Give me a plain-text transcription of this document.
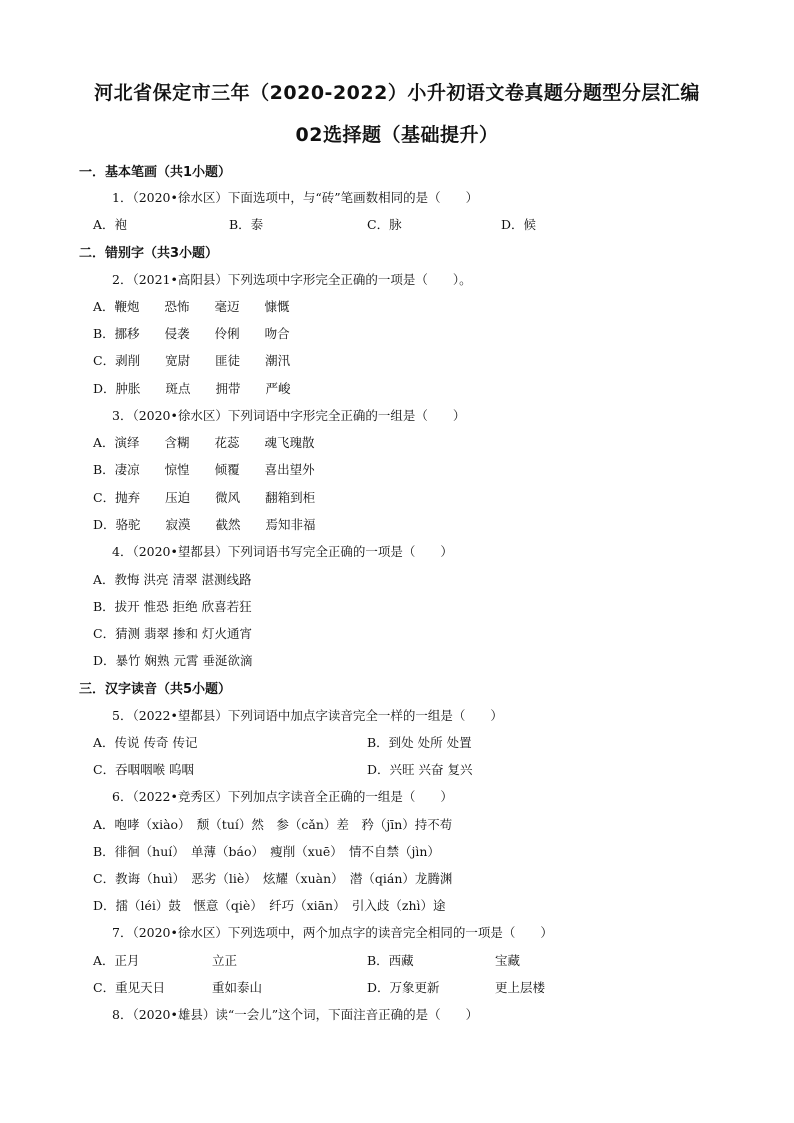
河北省保定市三年（2020-2022）小升初语文卷真题分题型分层汇编
02选择题（基础提升）
一．基本笔画（共1小题）
1．（2020•徐水区）下面选项中，与“砖”笔画数相同的是（　　）
A．袍	B．泰	C．脉	D．候
二．错别字（共3小题）
2．（2021•高阳县）下列选项中字形完全正确的一项是（　　）。
A．鞭炮　　恐怖　　毫迈　　慷慨
B．挪移　　侵袭　　伶俐　　吻合
C．剥削　　宽尉　　匪徒　　潮汛
D．肿胀　　斑点　　拥带　　严峻
3．（2020•徐水区）下列词语中字形完全正确的一组是（　　）
A．演绎　　含糊　　花蕊　　魂飞瑰散
B．凄凉　　惊惶　　倾覆　　喜出望外
C．抛弃　　压迫　　微风　　翻箱到柜
D．骆驼　　寂漠　　截然　　焉知非福
4．（2020•望都县）下列词语书写完全正确的一项是（　　）
A．教悔 洪亮 清翠 湛测线路
B．拔开 惟恐 拒绝 欣喜若狂
C．猜测 翡翠 掺和 灯火通宵
D．暴竹 娴熟 元霄 垂涎欲滴
三．汉字读音（共5小题）
5．（2022•望都县）下列词语中加点字读音完全一样的一组是（　　）
A．传说 传奇 传记	B．到处 处所 处置
C．吞咽咽喉 呜咽	D．兴旺 兴奋 复兴
6．（2022•竞秀区）下列加点字读音全正确的一组是（　　）
A．咆哮（xiào）　颓（tuí）然　参（cǎn）差　矜（jīn）持不苟
B．徘徊（huí）　单薄（báo）　瘦削（xuē）　情不自禁（jìn）
C．教诲（huì）　恶劣（liè）　炫耀（xuàn）　潜（qián）龙腾渊
D．擂（léi）鼓　惬意（qiè）　纤巧（xiān）　引入歧（zhì）途
7．（2020•徐水区）下列选项中，两个加点字的读音完全相同的一项是（　　）
A．正月	立正	B．西藏	宝藏
C．重见天日	重如泰山	D．万象更新	更上层楼
8．（2020•雄县）读“一会儿”这个词，下面注音正确的是（　　）
